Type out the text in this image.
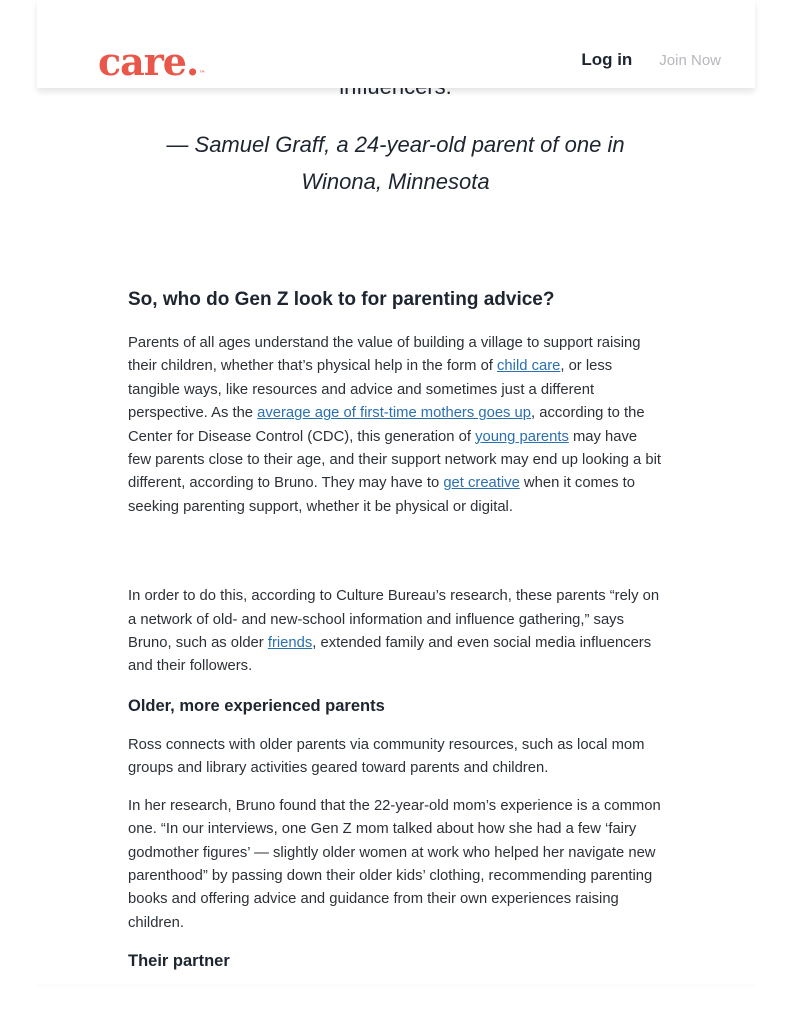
care.™
Log in Join Now
— Samuel Graff, a 24-year-old parent of one in
Winona, Minnesota
So, who do Gen Z look to for parenting advice?

Parents of all ages understand the value of building a village to support raising their children, whether that’s physical help in the form of child care, or less tangible ways, like resources and advice and sometimes just a different perspective. As the average age of first-time mothers goes up, according to the Center for Disease Control (CDC), this generation of young parents may have few parents close to their age, and their support network may end up looking a bit different, according to Bruno. They may have to get creative when it comes to seeking parenting support, whether it be physical or digital.

In order to do this, according to Culture Bureau’s research, these parents “rely on a network of old- and new-school information and influence gathering,” says Bruno, such as older friends, extended family and even social media influencers and their followers.

Older, more experienced parents

Ross connects with older parents via community resources, such as local mom groups and library activities geared toward parents and children.

In her research, Bruno found that the 22-year-old mom’s experience is a common one. “In our interviews, one Gen Z mom talked about how she had a few ‘fairy godmother figures’ — slightly older women at work who helped her navigate new parenthood” by passing down their older kids’ clothing, recommending parenting books and offering advice and guidance from their own experiences raising children.

Their partner
